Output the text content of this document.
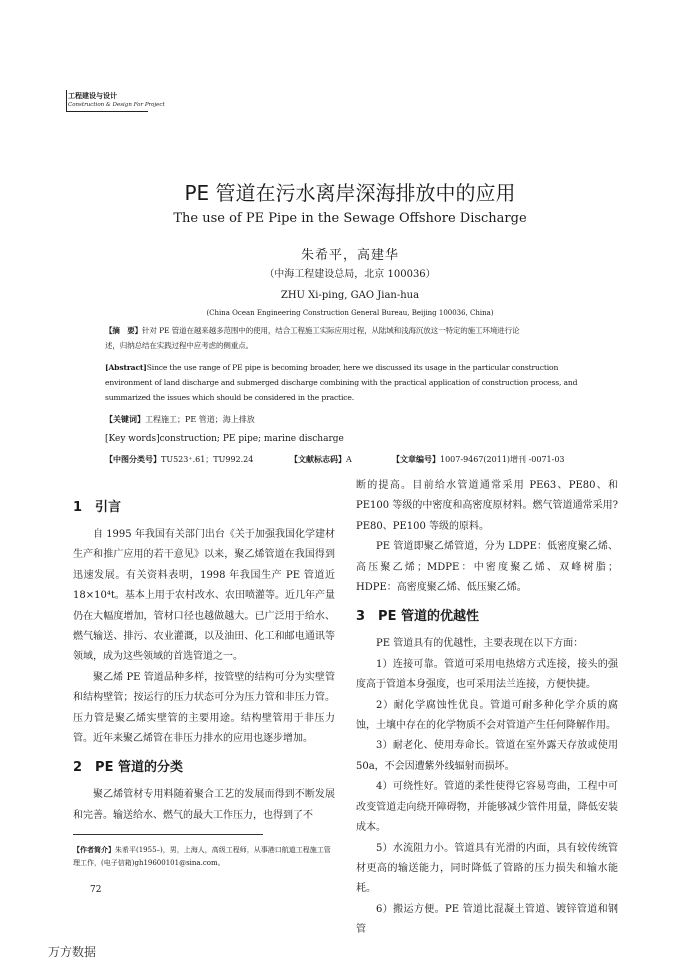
工程建设与设计
Construction & Design For Project
PE 管道在污水离岸深海排放中的应用
The use of PE Pipe in the Sewage Offshore Discharge
朱希平，高建华
（中海工程建设总局，北京 100036）
ZHU Xi-ping, GAO Jian-hua
(China Ocean Engineering Construction General Bureau, Beijing 100036, China)
【摘　要】针对 PE 管道在越来越多范围中的使用，结合工程施工实际应用过程，从陆域和浅海沉放这一特定的施工环境进行论
述，归纳总结在实践过程中应考虑的侧重点。
[Abstract]Since the use range of PE pipe is becoming broader, here we discussed its usage in the particular construction
environment of land discharge and submerged discharge combining with the practical application of construction process, and
summarized the issues which should be considered in the practice.
【关键词】工程施工；PE 管道；海上排放
[Key words]construction; PE pipe; marine discharge
【中图分类号】TU523⁺.61；TU992.24	【文献标志码】A	【文章编号】1007-9467(2011)增刊 -0071-03
1　引言

自 1995 年我国有关部门出台《关于加强我国化学建材生产和推广应用的若干意见》以来，聚乙烯管道在我国得到迅速发展。有关资料表明，1998 年我国生产 PE 管道近 18×10⁴t。基本上用于农村改水、农田喷灌等。近几年产量仍在大幅度增加，管材口径也越做越大。已广泛用于给水、燃气输送、排污、农业灌溉，以及油田、化工和邮电通讯等领域，成为这些领域的首选管道之一。

聚乙烯 PE 管道品种多样，按管壁的结构可分为实壁管和结构壁管；按运行的压力状态可分为压力管和非压力管。压力管是聚乙烯实壁管的主要用途。结构壁管用于非压力管。近年来聚乙烯管在非压力排水的应用也逐步增加。

2　PE 管道的分类

聚乙烯管材专用料随着聚合工艺的发展而得到不断发展和完善。输送给水、燃气的最大工作压力，也得到了不

断的提高。目前给水管道通常采用 PE63、PE80、和 PE100 等级的中密度和高密度原材料。燃气管道通常采用?PE80、PE100 等级的原料。

PE 管道即聚乙烯管道，分为 LDPE：低密度聚乙烯、高压聚乙烯；MDPE：中密度聚乙烯、双峰树脂；HDPE：高密度聚乙烯、低压聚乙烯。

3　PE 管道的优越性

PE 管道具有的优越性，主要表现在以下方面：

1）连接可靠。管道可采用电热熔方式连接，接头的强度高于管道本身强度，也可采用法兰连接，方便快捷。

2）耐化学腐蚀性优良。管道可耐多种化学介质的腐蚀，土壤中存在的化学物质不会对管道产生任何降解作用。

3）耐老化、使用寿命长。管道在室外露天存放或使用 50a，不会因遭紫外线辐射而损坏。

4）可绕性好。管道的柔性使得它容易弯曲，工程中可改变管道走向绕开障碍物，并能够减少管件用量，降低安装成本。

5）水流阻力小。管道具有光滑的内面，具有较传统管材更高的输送能力，同时降低了管路的压力损失和输水能耗。

6）搬运方便。PE 管道比混凝土管道、镀锌管道和钢管

【作者简介】朱希平(1955–)，男，上海人，高级工程师，从事港口航道工程施工管理工作，(电子信箱)gh19600101@sina.com。
72
万方数据
